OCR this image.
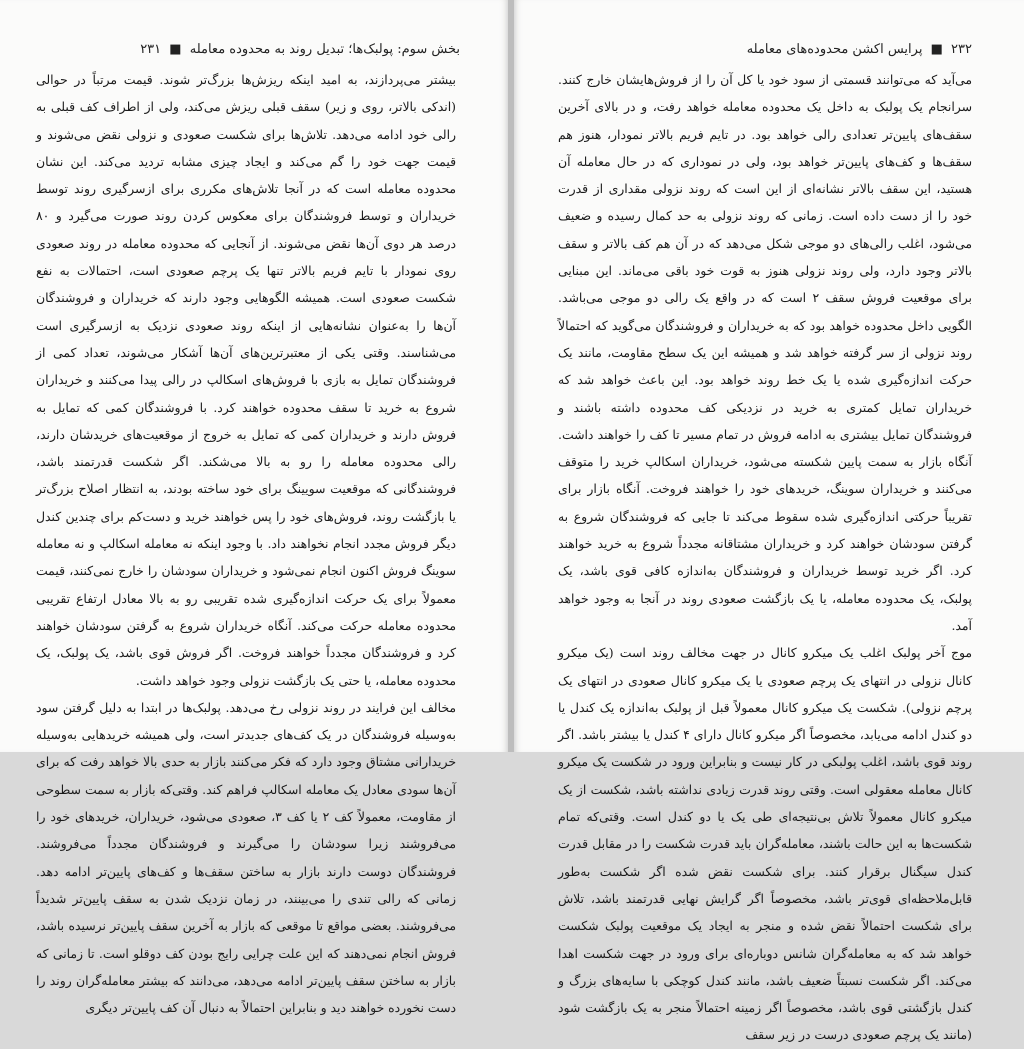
بخش سوم: پولبک‌ها؛ تبدیل روند به محدوده معامله ■ ۲۳۱

بیشتر می‌پردازند، به امید اینکه ریزش‌ها بزرگ‌تر شوند. قیمت مرتباً در حوالی (اندکی بالاتر، روی و زیر) سقف قبلی ریزش می‌کند، ولی از اطراف کف قبلی به رالی خود ادامه می‌دهد. تلاش‌ها برای شکست صعودی و نزولی نقض می‌شوند و قیمت جهت خود را گم می‌کند و ایجاد چیزی مشابه تردید می‌کند. این نشان محدوده معامله است که در آنجا تلاش‌های مکرری برای ازسرگیری روند توسط خریداران و توسط فروشندگان برای معکوس کردن روند صورت می‌گیرد و ۸۰ درصد هر دوی آن‌ها نقض می‌شوند. از آنجایی که محدوده معامله در روند صعودی روی نمودار با تایم فریم بالاتر تنها یک پرچم صعودی است، احتمالات به نفع شکست صعودی است. همیشه الگوهایی وجود دارند که خریداران و فروشندگان آن‌ها را به‌عنوان نشانه‌هایی از اینکه روند صعودی نزدیک به ازسرگیری است می‌شناسند. وقتی یکی از معتبرترین‌های آن‌ها آشکار می‌شوند، تعداد کمی از فروشندگان تمایل به بازی با فروش‌های اسکالپ در رالی پیدا می‌کنند و خریداران شروع به خرید تا سقف محدوده خواهند کرد. با فروشندگان کمی که تمایل به فروش دارند و خریداران کمی که تمایل به خروج از موقعیت‌های خریدشان دارند، رالی محدوده معامله را رو به بالا می‌شکند. اگر شکست قدرتمند باشد، فروشندگانی که موقعیت سویینگ برای خود ساخته بودند، به انتظار اصلاح بزرگ‌تر یا بازگشت روند، فروش‌های خود را پس خواهند خرید و دست‌کم برای چندین کندل دیگر فروش مجدد انجام نخواهند داد. با وجود اینکه نه معامله اسکالپ و نه معامله سوینگ فروش اکنون انجام نمی‌شود و خریداران سودشان را خارج نمی‌کنند، قیمت معمولاً برای یک حرکت اندازه‌گیری شده تقریبی رو به بالا معادل ارتفاع تقریبی محدوده معامله حرکت می‌کند. آنگاه خریداران شروع به گرفتن سودشان خواهند کرد و فروشندگان مجدداً خواهند فروخت. اگر فروش قوی باشد، یک پولبک، یک محدوده معامله، یا حتی یک بازگشت نزولی وجود خواهد داشت.

مخالف این فرایند در روند نزولی رخ می‌دهد. پولبک‌ها در ابتدا به دلیل گرفتن سود به‌وسیله فروشندگان در یک کف‌های جدیدتر است، ولی همیشه خریدهایی به‌وسیله خریدارانی مشتاق وجود دارد که فکر می‌کنند بازار به حدی بالا خواهد رفت که برای آن‌ها سودی معادل یک معامله اسکالپ فراهم کند. وقتی‌که بازار به سمت سطوحی از مقاومت، معمولاً کف ۲ یا کف ۳، صعودی می‌شود، خریداران، خریدهای خود را می‌فروشند زیرا سودشان را می‌گیرند و فروشندگان مجدداً می‌فروشند. فروشندگان دوست دارند بازار به ساختن سقف‌ها و کف‌های پایین‌تر ادامه دهد. زمانی که رالی تندی را می‌بینند، در زمان نزدیک شدن به سقف پایین‌تر شدیداً می‌فروشند. بعضی مواقع تا موقعی که بازار به آخرین سقف پایین‌تر نرسیده باشد، فروش انجام نمی‌دهند که این علت چرایی رایج بودن کف دوقلو است. تا زمانی که بازار به ساختن سقف پایین‌تر ادامه می‌دهد، می‌دانند که بیشتر معامله‌گران روند را دست نخورده خواهند دید و بنابراین احتمالاً به دنبال آن کف پایین‌تر دیگری

۲۳۲ ■ پرایس اکشن محدوده‌های معامله

می‌آید که می‌توانند قسمتی از سود خود یا کل آن را از فروش‌هایشان خارج کنند. سرانجام یک پولبک به داخل یک محدوده معامله خواهد رفت، و در بالای آخرین سقف‌های پایین‌تر تعدادی رالی خواهد بود. در تایم فریم بالاتر نمودار، هنوز هم سقف‌ها و کف‌های پایین‌تر خواهد بود، ولی در نموداری که در حال معامله آن هستید، این سقف بالاتر نشانه‌ای از این است که روند نزولی مقداری از قدرت خود را از دست داده است. زمانی که روند نزولی به حد کمال رسیده و ضعیف می‌شود، اغلب رالی‌های دو موجی شکل می‌دهد که در آن هم کف بالاتر و سقف بالاتر وجود دارد، ولی روند نزولی هنوز به قوت خود باقی می‌ماند. این مبنایی برای موقعیت فروش سقف ۲ است که در واقع یک رالی دو موجی می‌باشد. الگویی داخل محدوده خواهد بود که به خریداران و فروشندگان می‌گوید که احتمالاً روند نزولی از سر گرفته خواهد شد و همیشه این یک سطح مقاومت، مانند یک حرکت اندازه‌گیری شده یا یک خط روند خواهد بود. این باعث خواهد شد که خریداران تمایل کمتری به خرید در نزدیکی کف محدوده داشته باشند و فروشندگان تمایل بیشتری به ادامه فروش در تمام مسیر تا کف را خواهند داشت. آنگاه بازار به سمت پایین شکسته می‌شود، خریداران اسکالپ خرید را متوقف می‌کنند و خریداران سوینگ، خریدهای خود را خواهند فروخت. آنگاه بازار برای تقریباً حرکتی اندازه‌گیری شده سقوط می‌کند تا جایی که فروشندگان شروع به گرفتن سودشان خواهند کرد و خریداران مشتاقانه مجدداً شروع به خرید خواهند کرد. اگر خرید توسط خریداران و فروشندگان به‌اندازه کافی قوی باشد، یک پولبک، یک محدوده معامله، یا یک بازگشت صعودی روند در آنجا به وجود خواهد آمد.

موج آخر پولبک اغلب یک میکرو کانال در جهت مخالف روند است (یک میکرو کانال نزولی در انتهای یک پرچم صعودی یا یک میکرو کانال صعودی در انتهای یک پرچم نزولی). شکست یک میکرو کانال معمولاً قبل از پولبک به‌اندازه یک کندل یا دو کندل ادامه می‌یابد، مخصوصاً اگر میکرو کانال دارای ۴ کندل یا بیشتر باشد. اگر روند قوی باشد، اغلب پولبکی در کار نیست و بنابراین ورود در شکست یک میکرو کانال معامله معقولی است. وقتی روند قدرت زیادی نداشته باشد، شکست از یک میکرو کانال معمولاً تلاش بی‌نتیجه‌ای طی یک یا دو کندل است. وقتی‌که تمام شکست‌ها به این حالت باشند، معامله‌گران باید قدرت شکست را در مقابل قدرت کندل سیگنال برقرار کنند. برای شکست نقض شده اگر شکست به‌طور قابل‌ملاحظه‌ای قوی‌تر باشد، مخصوصاً اگر گرایش نهایی قدرتمند باشد، تلاش برای شکست احتمالاً نقض شده و منجر به ایجاد یک موقعیت پولبک شکست خواهد شد که به معامله‌گران شانس دوباره‌ای برای ورود در جهت شکست اهدا می‌کند. اگر شکست نسبتاً ضعیف باشد، مانند کندل کوچکی با سایه‌های بزرگ و کندل بازگشتی قوی باشد، مخصوصاً اگر زمینه احتمالاً منجر به یک بازگشت شود (مانند یک پرچم صعودی درست در زیر سقف
